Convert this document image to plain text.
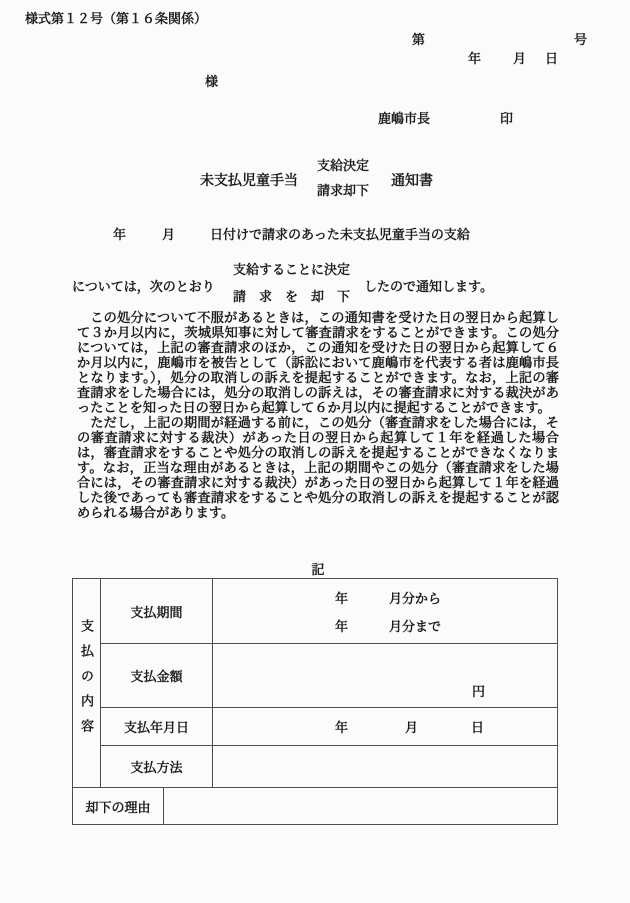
様式第１２号（第１６条関係）
第	号
年 月 日
様
鹿嶋市長	印
未支払児童手当
支給決定
請求却下
通知書
年	月	日付けで請求のあった未支払児童手当の支給
については，次のとおり
支給することに決定
請　求　を　却　下
したので通知します。

この処分について不服があるときは，この通知書を受けた日の翌日から起算して３か月以内に，茨城県知事に対して審査請求をすることができます。この処分については，上記の審査請求のほか，この通知を受けた日の翌日から起算して６か月以内に，鹿嶋市を被告として（訴訟において鹿嶋市を代表する者は鹿嶋市長となります。），処分の取消しの訴えを提起することができます。なお，上記の審査請求をした場合には，処分の取消しの訴えは，その審査請求に対する裁決があったことを知った日の翌日から起算して６か月以内に提起することができます。

ただし，上記の期間が経過する前に，この処分（審査請求をした場合には，その審査請求に対する裁決）があった日の翌日から起算して１年を経過した場合は，審査請求をすることや処分の取消しの訴えを提起することができなくなります。なお，正当な理由があるときは，上記の期間やこの処分（審査請求をした場合には，その審査請求に対する裁決）があった日の翌日から起算して１年を経過した後であっても審査請求をすることや処分の取消しの訴えを提起することが認められる場合があります。

記
支払の内容	支払期間		年 月分から
年 月分まで

	支払金額		円

	支払年月日		年 月 日

	支払方法		
却下の理由			
